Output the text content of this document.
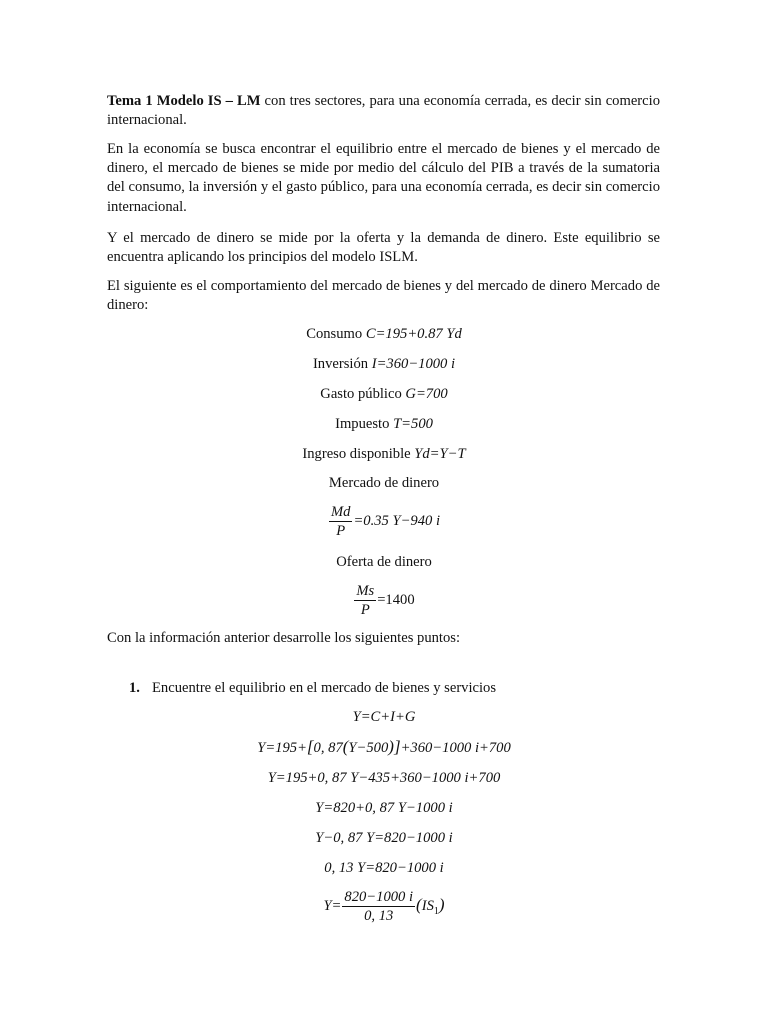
Tema 1 Modelo IS – LM con tres sectores, para una economía cerrada, es decir sin comercio internacional.

En la economía se busca encontrar el equilibrio entre el mercado de bienes y el mercado de dinero, el mercado de bienes se mide por medio del cálculo del PIB a través de la sumatoria del consumo, la inversión y el gasto público, para una economía cerrada, es decir sin comercio internacional.

Y el mercado de dinero se mide por la oferta y la demanda de dinero. Este equilibrio se encuentra aplicando los principios del modelo ISLM.

El siguiente es el comportamiento del mercado de bienes y del mercado de dinero Mercado de dinero:

Consumo C=195+0.87 Yd
Inversión I=360−1000 i
Gasto público G=700
Impuesto T=500
Ingreso disponible Yd=Y−T
Mercado de dinero
$\frac{Md}{P} =0.35$ Y−940 i
Oferta de dinero
$\frac{Ms}{P} =1400$

Con la información anterior desarrolle los siguientes puntos:

1. Encuentre el equilibrio en el mercado de bienes y servicios
Y=C+I+G
Y=195+[0, 87(Y−500)]+360−1000 i+700
Y=195+0, 87 Y−435+360−1000 i+700
Y=820+0, 87 Y−1000 i
Y−0, 87 Y=820−1000 i
0, 13 Y=820−1000 i
$Y= \frac{820-1000 i}{0, 13} (IS_1)$
